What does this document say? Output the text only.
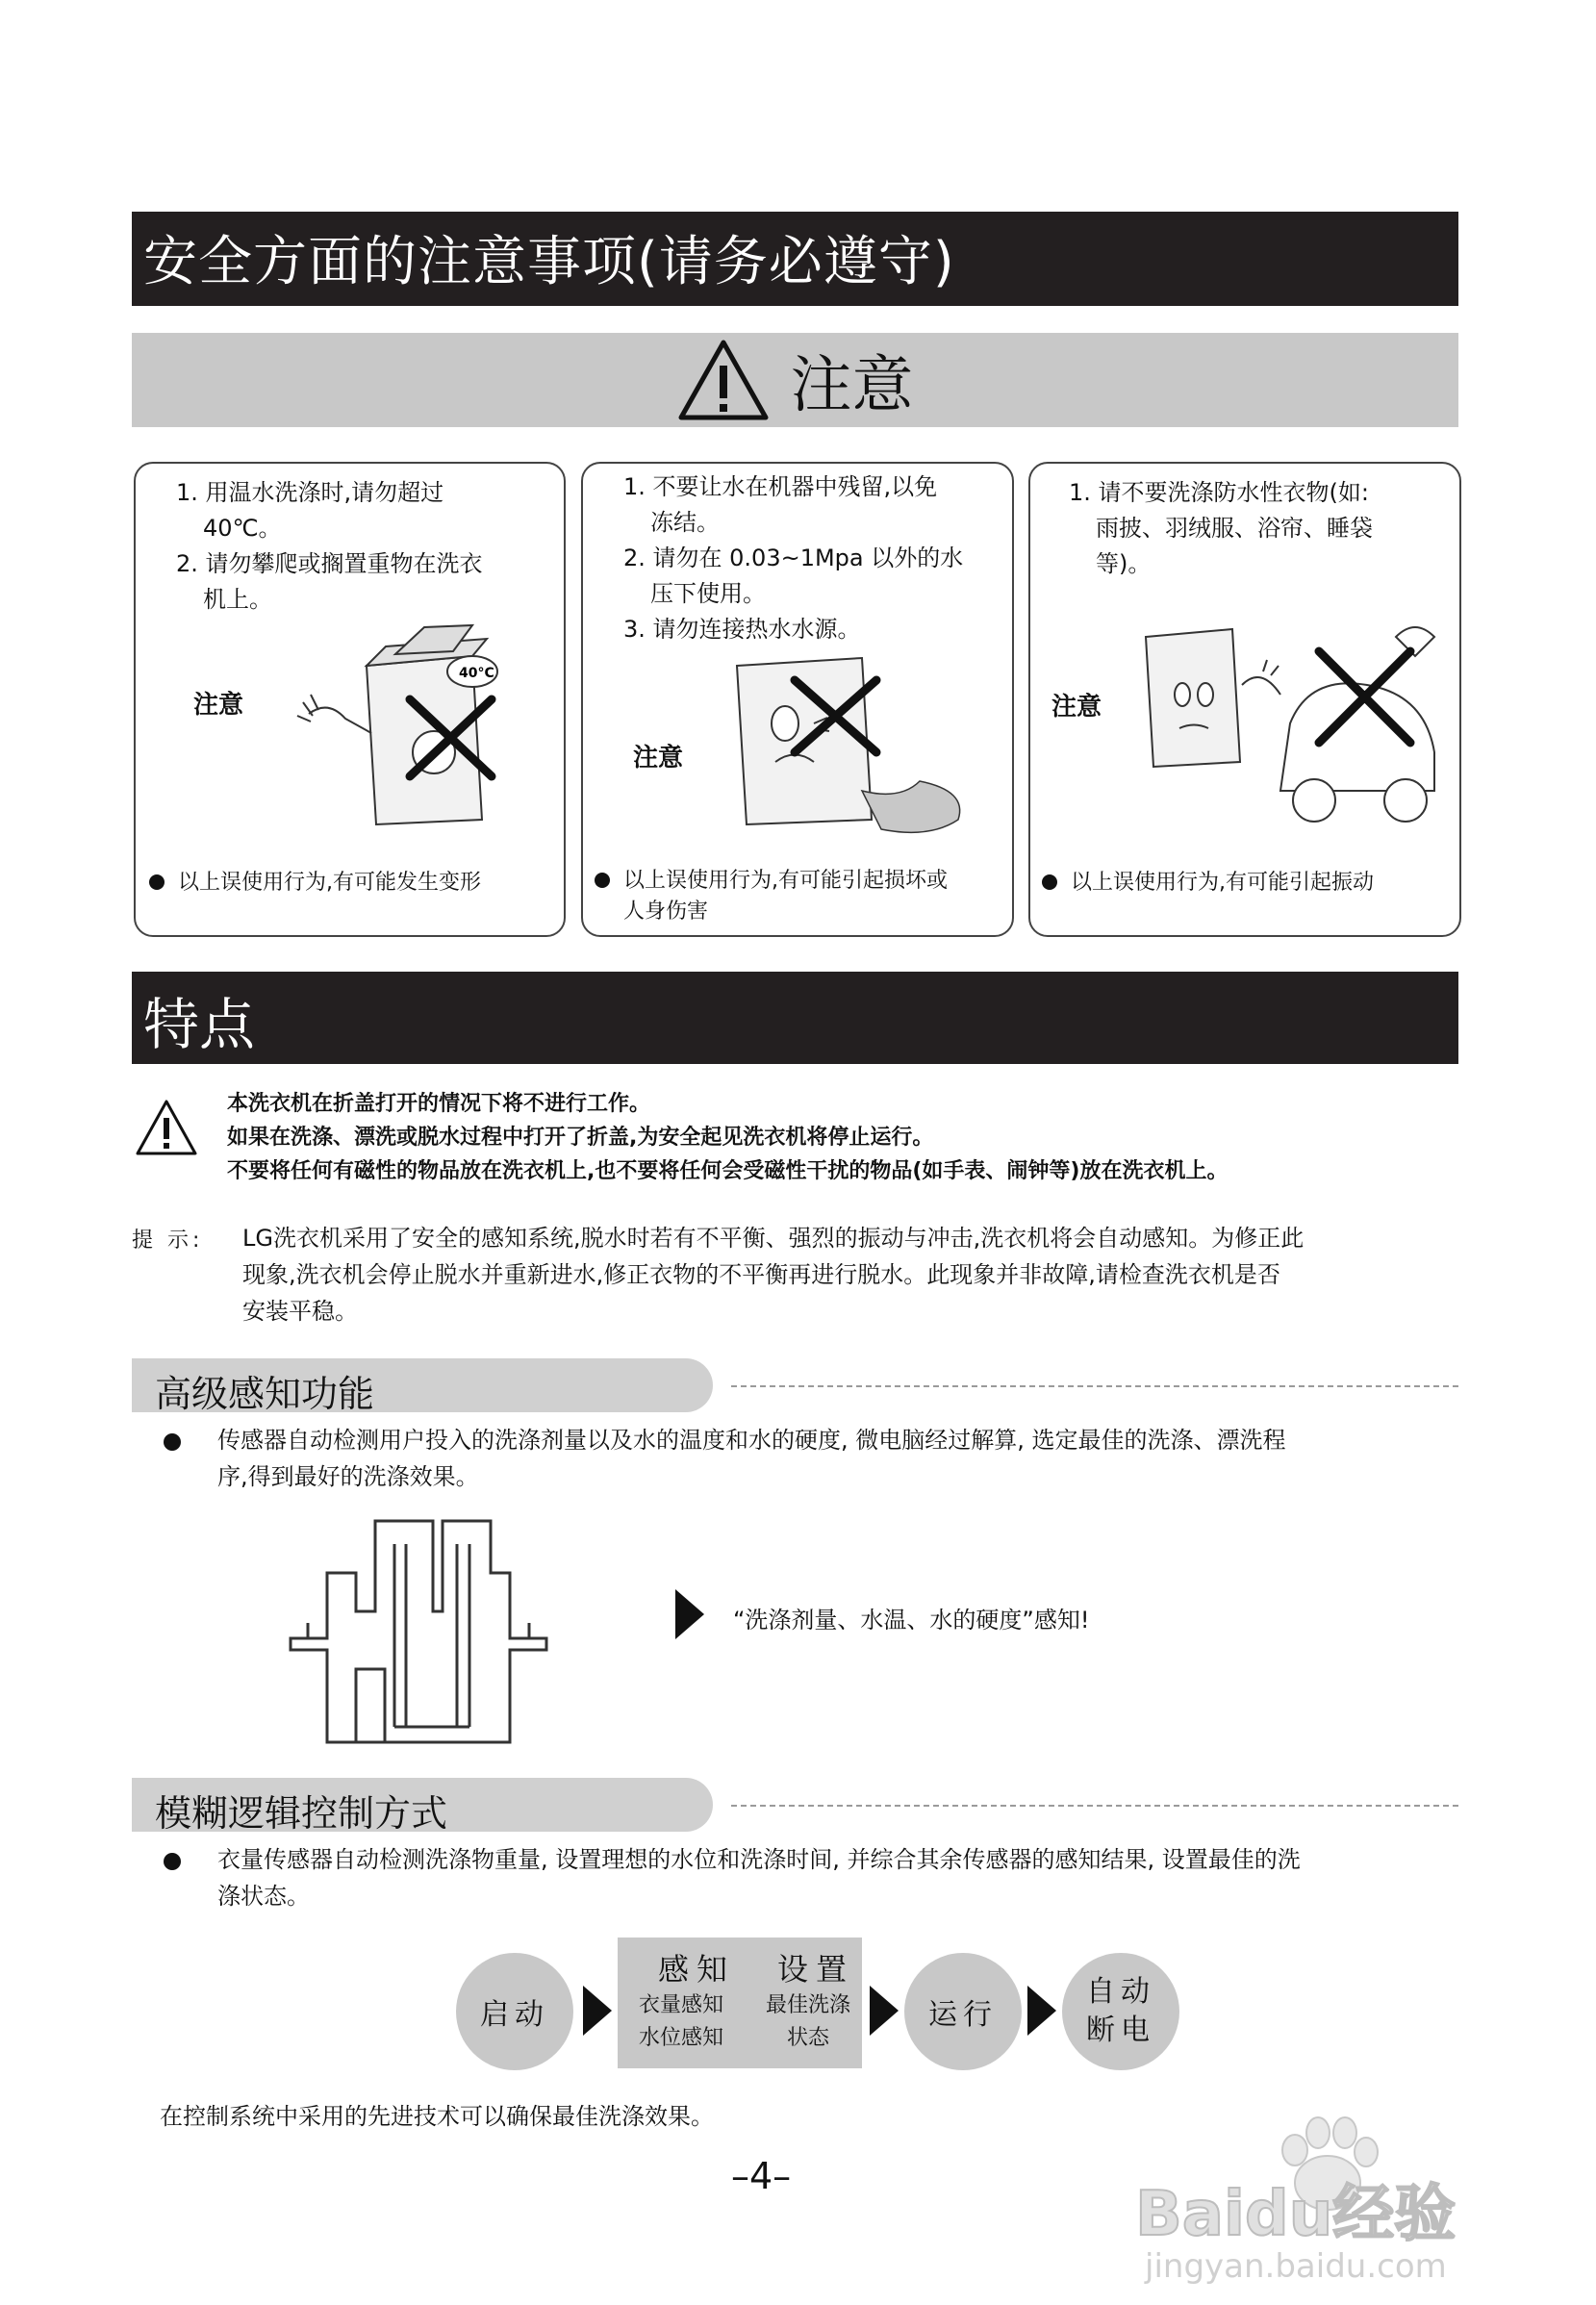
安全方面的注意事项(请务必遵守)
注意
1. 用温水洗涤时,请勿超过
40℃。
2. 请勿攀爬或搁置重物在洗衣
机上。
注意
40°C
以上误使用行为,有可能发生变形
1. 不要让水在机器中残留,以免
冻结。
2. 请勿在 0.03~1Mpa 以外的水
压下使用。
3. 请勿连接热水水源。
注意
以上误使用行为,有可能引起损坏或
人身伤害
1. 请不要洗涤防水性衣物(如:
雨披、羽绒服、浴帘、睡袋
等)。
注意
以上误使用行为,有可能引起振动
特点
本洗衣机在折盖打开的情况下将不进行工作。
如果在洗涤、漂洗或脱水过程中打开了折盖,为安全起见洗衣机将停止运行。
不要将任何有磁性的物品放在洗衣机上,也不要将任何会受磁性干扰的物品(如手表、闹钟等)放在洗衣机上。
提 示: LG洗衣机采用了安全的感知系统,脱水时若有不平衡、强烈的振动与冲击,洗衣机将会自动感知。为修正此
现象,洗衣机会停止脱水并重新进水,修正衣物的不平衡再进行脱水。此现象并非故障,请检查洗衣机是否
安装平稳。
高级感知功能
传感器自动检测用户投入的洗涤剂量以及水的温度和水的硬度, 微电脑经过解算, 选定最佳的洗涤、漂洗程
序,得到最好的洗涤效果。
“洗涤剂量、水温、水的硬度”感知!
模糊逻辑控制方式
衣量传感器自动检测洗涤物重量, 设置理想的水位和洗涤时间, 并综合其余传感器的感知结果, 设置最佳的洗
涤状态。
启动
感知 设置
衣量感知
水位感知
最佳洗涤
状态
运行
自动
断电
在控制系统中采用的先进技术可以确保最佳洗涤效果。
–4–
Baidu经验
jingyan.baidu.com
